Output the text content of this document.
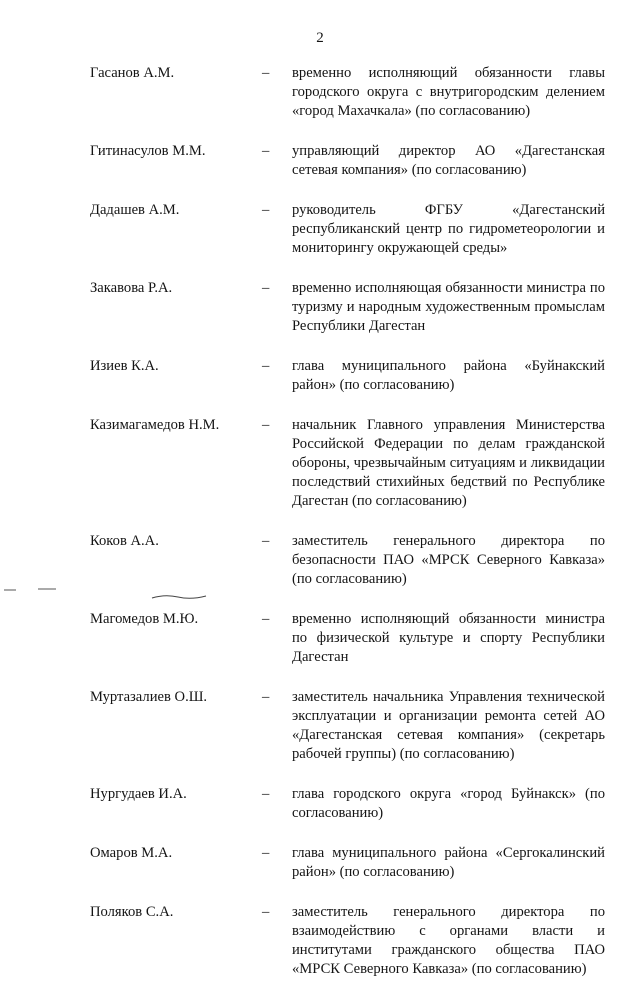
2
Гасанов А.М.	–	временно исполняющий обязанности главы городского округа с внутригородским делением «город Махачкала» (по согласованию)
Гитинасулов М.М.	–	управляющий директор АО «Дагестанская сетевая компания» (по согласованию)
Дадашев А.М.	–	руководитель ФГБУ «Дагестанский республиканский центр по гидрометеорологии и мониторингу окружающей среды»
Закавова Р.А.	–	временно исполняющая обязанности министра по туризму и народным художественным промыслам Республики Дагестан
Изиев К.А.	–	глава муниципального района «Буйнакский район» (по согласованию)
Казимагамедов Н.М.	–	начальник Главного управления Министерства Российской Федерации по делам гражданской обороны, чрезвычайным ситуациям и ликвидации последствий стихийных бедствий по Республике Дагестан (по согласованию)
Коков А.А.	–	заместитель генерального директора по безопасности ПАО «МРСК Северного Кавказа» (по согласованию)
Магомедов М.Ю.	–	временно исполняющий обязанности министра по физической культуре и спорту Республики Дагестан
Муртазалиев О.Ш.	–	заместитель начальника Управления технической эксплуатации и организации ремонта сетей АО «Дагестанская сетевая компания» (секретарь рабочей группы) (по согласованию)
Нургудаев И.А.	–	глава городского округа «город Буйнакск» (по согласованию)
Омаров М.А.	–	глава муниципального района «Сергокалинский район» (по согласованию)
Поляков С.А.	–	заместитель генерального директора по взаимодействию с органами власти и институтами гражданского общества ПАО «МРСК Северного Кавказа» (по согласованию)
